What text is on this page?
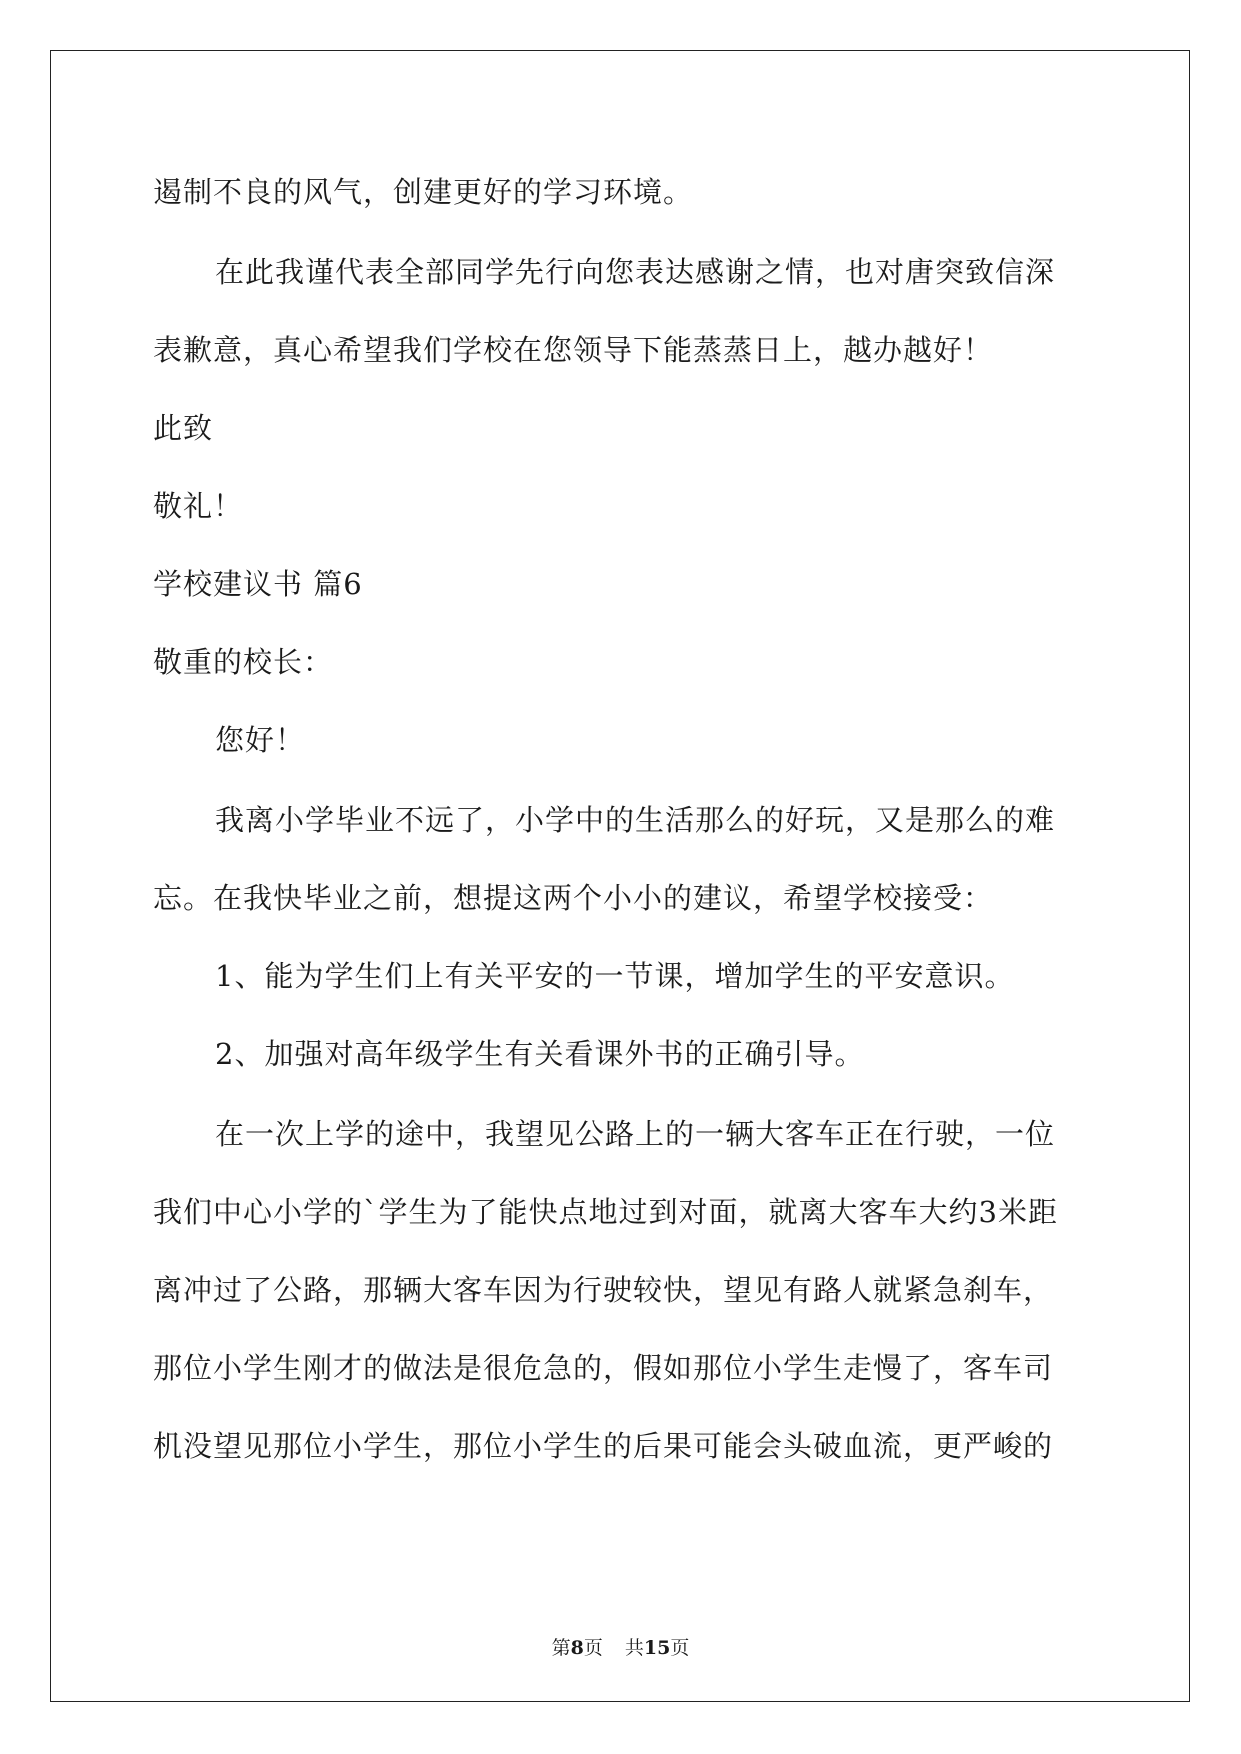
遏制不良的风气，创建更好的学习环境。
在此我谨代表全部同学先行向您表达感谢之情，也对唐突致信深
表歉意，真心希望我们学校在您领导下能蒸蒸日上，越办越好！
此致
敬礼！
学校建议书 篇6
敬重的校长：
您好！
我离小学毕业不远了，小学中的生活那么的好玩，又是那么的难
忘。在我快毕业之前，想提这两个小小的建议，希望学校接受：
1、能为学生们上有关平安的一节课，增加学生的平安意识。
2、加强对高年级学生有关看课外书的正确引导。
在一次上学的途中，我望见公路上的一辆大客车正在行驶，一位
我们中心小学的`学生为了能快点地过到对面，就离大客车大约3米距
离冲过了公路，那辆大客车因为行驶较快，望见有路人就紧急刹车，
那位小学生刚才的做法是很危急的，假如那位小学生走慢了，客车司
机没望见那位小学生，那位小学生的后果可能会头破血流，更严峻的
第8页 共15页
